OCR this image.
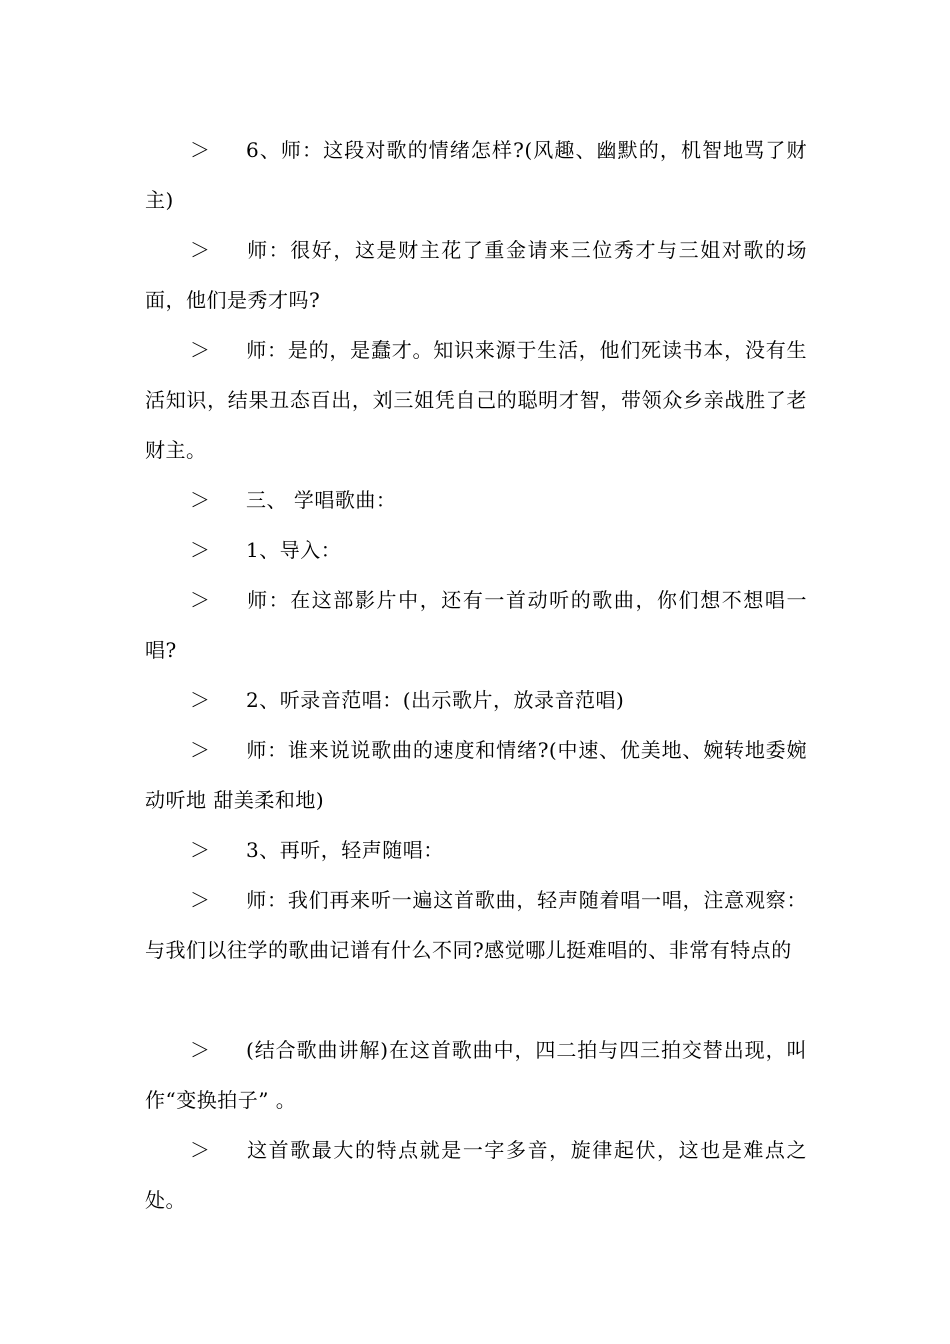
＞ 6、师：这段对歌的情绪怎样?(风趣、幽默的，机智地骂了财主)

＞ 师：很好，这是财主花了重金请来三位秀才与三姐对歌的场面，他们是秀才吗?

＞ 师：是的，是蠢才。知识来源于生活，他们死读书本，没有生活知识，结果丑态百出，刘三姐凭自己的聪明才智，带领众乡亲战胜了老财主。

＞ 三、 学唱歌曲：

＞ 1、导入：

＞ 师：在这部影片中，还有一首动听的歌曲，你们想不想唱一唱?

＞ 2、听录音范唱：(出示歌片，放录音范唱)

＞ 师：谁来说说歌曲的速度和情绪?(中速、优美地、婉转地委婉动听地 甜美柔和地)

＞ 3、再听，轻声随唱：

＞ 师：我们再来听一遍这首歌曲，轻声随着唱一唱，注意观察：与我们以往学的歌曲记谱有什么不同?感觉哪儿挺难唱的、非常有特点的

＞ (结合歌曲讲解)在这首歌曲中，四二拍与四三拍交替出现，叫作“变换拍子” 。

＞ 这首歌最大的特点就是一字多音，旋律起伏，这也是难点之处。
